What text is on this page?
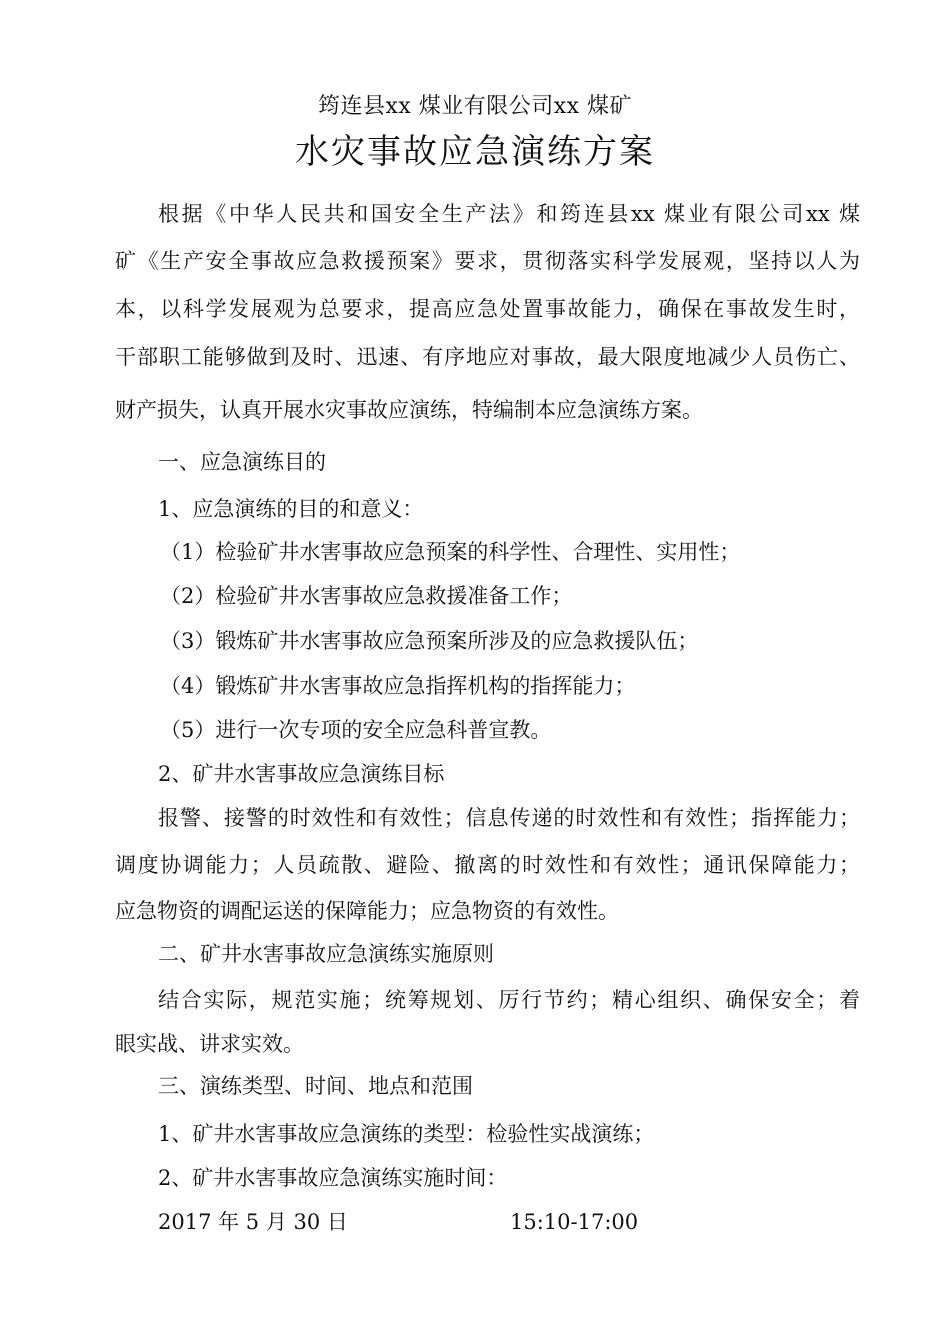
筠连县xx 煤业有限公司xx 煤矿
水灾事故应急演练方案
根据《中华人民共和国安全生产法》和筠连县xx 煤业有限公司xx 煤
矿《生产安全事故应急救援预案》要求，贯彻落实科学发展观，坚持以人为
本，以科学发展观为总要求，提高应急处置事故能力，确保在事故发生时，
干部职工能够做到及时、迅速、有序地应对事故，最大限度地减少人员伤亡、
财产损失，认真开展水灾事故应演练，特编制本应急演练方案。
一、应急演练目的
1、应急演练的目的和意义：
（1）检验矿井水害事故应急预案的科学性、合理性、实用性；
（2）检验矿井水害事故应急救援准备工作；
（3）锻炼矿井水害事故应急预案所涉及的应急救援队伍；
（4）锻炼矿井水害事故应急指挥机构的指挥能力；
（5）进行一次专项的安全应急科普宣教。
2、矿井水害事故应急演练目标
报警、接警的时效性和有效性；信息传递的时效性和有效性；指挥能力；
调度协调能力；人员疏散、避险、撤离的时效性和有效性；通讯保障能力；
应急物资的调配运送的保障能力；应急物资的有效性。
二、矿井水害事故应急演练实施原则
结合实际，规范实施；统筹规划、厉行节约；精心组织、确保安全；着
眼实战、讲求实效。
三、演练类型、时间、地点和范围
1、矿井水害事故应急演练的类型：检验性实战演练；
2、矿井水害事故应急演练实施时间：
2017 年 5 月 30 日	15:10-17:00
